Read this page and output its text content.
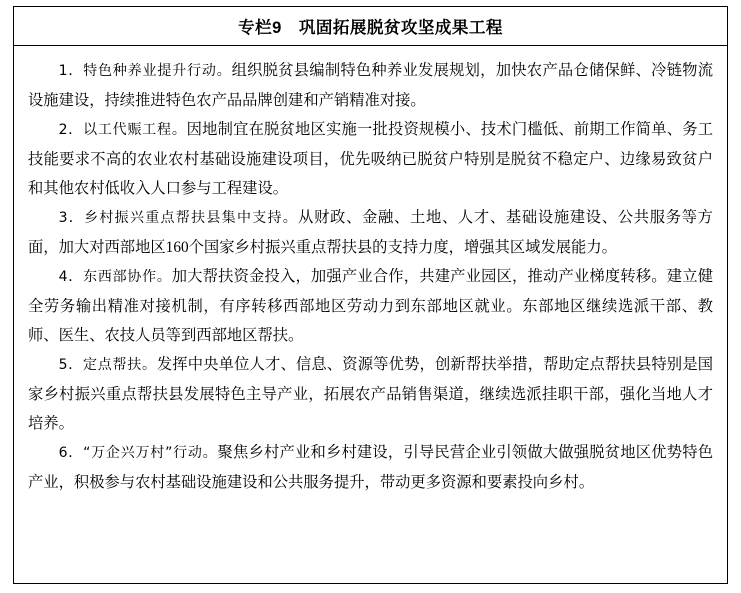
专栏9　巩固拓展脱贫攻坚成果工程

1．特色种养业提升行动。组织脱贫县编制特色种养业发展规划，加快农产品仓储保鲜、冷链物流设施建设，持续推进特色农产品品牌创建和产销精准对接。

2．以工代赈工程。因地制宜在脱贫地区实施一批投资规模小、技术门槛低、前期工作简单、务工技能要求不高的农业农村基础设施建设项目，优先吸纳已脱贫户特别是脱贫不稳定户、边缘易致贫户和其他农村低收入人口参与工程建设。

3．乡村振兴重点帮扶县集中支持。从财政、金融、土地、人才、基础设施建设、公共服务等方面，加大对西部地区160个国家乡村振兴重点帮扶县的支持力度，增强其区域发展能力。

4．东西部协作。加大帮扶资金投入，加强产业合作，共建产业园区，推动产业梯度转移。建立健全劳务输出精准对接机制，有序转移西部地区劳动力到东部地区就业。东部地区继续选派干部、教师、医生、农技人员等到西部地区帮扶。

5．定点帮扶。发挥中央单位人才、信息、资源等优势，创新帮扶举措，帮助定点帮扶县特别是国家乡村振兴重点帮扶县发展特色主导产业，拓展农产品销售渠道，继续选派挂职干部，强化当地人才培养。

6．“万企兴万村”行动。聚焦乡村产业和乡村建设，引导民营企业引领做大做强脱贫地区优势特色产业，积极参与农村基础设施建设和公共服务提升，带动更多资源和要素投向乡村。
